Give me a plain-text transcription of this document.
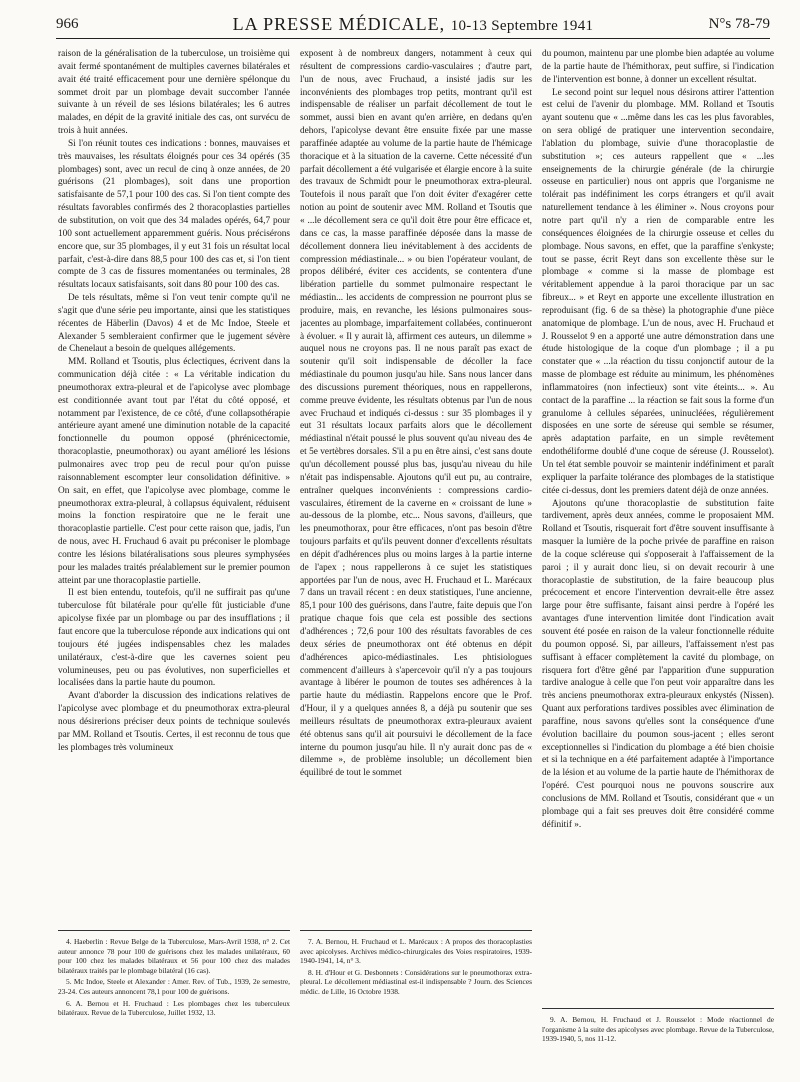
966	LA PRESSE MÉDICALE, 10-13 Septembre 1941	N°s 78-79

raison de la généralisation de la tuberculose, un troisième qui avait fermé spontanément de multiples cavernes bilatérales et avait été traité efficacement pour une dernière spélonque du sommet droit par un plombage devait succomber l'année suivante à un réveil de ses lésions bilatérales; les 6 autres malades, en dépit de la gravité initiale des cas, ont survécu de trois à huit années.

Si l'on réunit toutes ces indications : bonnes, mauvaises et très mauvaises, les résultats éloignés pour ces 34 opérés (35 plombages) sont, avec un recul de cinq à onze années, de 20 guérisons (21 plombages), soit dans une proportion satisfaisante de 57,1 pour 100 des cas. Si l'on tient compte des résultats favorables confirmés des 2 thoracoplasties partielles de substitution, on voit que des 34 malades opérés, 64,7 pour 100 sont actuellement apparemment guéris. Nous précisérons encore que, sur 35 plombages, il y eut 31 fois un résultat local parfait, c'est-à-dire dans 88,5 pour 100 des cas et, si l'on tient compte de 3 cas de fissures momentanées ou terminales, 28 résultats locaux satisfaisants, soit dans 80 pour 100 des cas.

De tels résultats, même si l'on veut tenir compte qu'il ne s'agit que d'une série peu importante, ainsi que les statistiques récentes de Häberlin (Davos) 4 et de Mc Indoe, Steele et Alexander 5 sembleraient confirmer que le jugement sévère de Chenelaut a besoin de quelques allégements.

MM. Rolland et Tsoutis, plus éclectiques, écrivent dans la communication déjà citée : « La véritable indication du pneumothorax extra-pleural et de l'apicolyse avec plombage est conditionnée avant tout par l'état du côté opposé, et notamment par l'existence, de ce côté, d'une collapsothérapie antérieure ayant amené une diminution notable de la capacité fonctionnelle du poumon opposé (phrénicectomie, thoracoplastie, pneumothorax) ou ayant amélioré les lésions pulmonaires avec trop peu de recul pour qu'on puisse raisonnablement escompter leur consolidation définitive. » On sait, en effet, que l'apicolyse avec plombage, comme le pneumothorax extra-pleural, à collapsus équivalent, réduisent moins la fonction respiratoire que ne le ferait une thoracoplastie partielle. C'est pour cette raison que, jadis, l'un de nous, avec H. Fruchaud 6 avait pu préconiser le plombage contre les lésions bilatéralisations sous pleures symphysées pour les malades traités préalablement sur le premier poumon atteint par une thoracoplastie partielle.

Il est bien entendu, toutefois, qu'il ne suffirait pas qu'une tuberculose fût bilatérale pour qu'elle fût justiciable d'une apicolyse fixée par un plombage ou par des insufflations ; il faut encore que la tuberculose réponde aux indications qui ont toujours été jugées indispensables chez les malades unilatéraux, c'est-à-dire que les cavernes soient peu volumineuses, peu ou pas évolutives, non superficielles et localisées dans la partie haute du poumon.

Avant d'aborder la discussion des indications relatives de l'apicolyse avec plombage et du pneumothorax extra-pleural nous désirerions préciser deux points de technique soulevés par MM. Rolland et Tsoutis. Certes, il est reconnu de tous que les plombages très volumineux

4. Haeberlin : Revue Belge de la Tuberculose, Mars-Avril 1938, n° 2. Cet auteur annonce 78 pour 100 de guérisons chez les malades unilatéraux, 60 pour 100 chez les malades bilatéraux et 56 pour 100 chez des malades bilatéraux traités par le plombage bilatéral (16 cas).

5. Mc Indoe, Steele et Alexander : Amer. Rev. of Tub., 1939, 2e semestre, 23-24. Ces auteurs annoncent 78,1 pour 100 de guérisons.

6. A. Bernou et H. Fruchaud : Les plombages chez les tuberculeux bilatéraux. Revue de la Tuberculose, Juillet 1932, 13.

exposent à de nombreux dangers, notamment à ceux qui résultent de compressions cardio-vasculaires ; d'autre part, l'un de nous, avec Fruchaud, a insisté jadis sur les inconvénients des plombages trop petits, montrant qu'il est indispensable de réaliser un parfait décollement de tout le sommet, aussi bien en avant qu'en arrière, en dedans qu'en dehors, l'apicolyse devant être ensuite fixée par une masse paraffinée adaptée au volume de la partie haute de l'hémicage thoracique et à la situation de la caverne. Cette nécessité d'un parfait décollement a été vulgarisée et élargie encore à la suite des travaux de Schmidt pour le pneumothorax extra-pleural. Toutefois il nous paraît que l'on doit éviter d'exagérer cette notion au point de soutenir avec MM. Rolland et Tsoutis que « ...le décollement sera ce qu'il doit être pour être efficace et, dans ce cas, la masse paraffinée déposée dans la masse de décollement donnera lieu inévitablement à des accidents de compression médiastinale... » ou bien l'opérateur voulant, de propos délibéré, éviter ces accidents, se contentera d'une libération partielle du sommet pulmonaire respectant le médiastin... les accidents de compression ne pourront plus se produire, mais, en revanche, les lésions pulmonaires sous-jacentes au plombage, imparfaitement collabées, continueront à évoluer. « Il y aurait là, affirment ces auteurs, un dilemme » auquel nous ne croyons pas. Il ne nous paraît pas exact de soutenir qu'il soit indispensable de décoller la face médiastinale du poumon jusqu'au hile. Sans nous lancer dans des discussions purement théoriques, nous en rappellerons, comme preuve évidente, les résultats obtenus par l'un de nous avec Fruchaud et indiqués ci-dessus : sur 35 plombages il y eut 31 résultats locaux parfaits alors que le décollement médiastinal n'était poussé le plus souvent qu'au niveau des 4e et 5e vertèbres dorsales. S'il a pu en être ainsi, c'est sans doute qu'un décollement poussé plus bas, jusqu'au niveau du hile n'était pas indispensable. Ajoutons qu'il eut pu, au contraire, entraîner quelques inconvénients : compressions cardio-vasculaires, étirement de la caverne en « croissant de lune » au-dessous de la plombe, etc... Nous savons, d'ailleurs, que les pneumothorax, pour être efficaces, n'ont pas besoin d'être toujours parfaits et qu'ils peuvent donner d'excellents résultats en dépit d'adhérences plus ou moins larges à la partie interne de l'apex ; nous rappellerons à ce sujet les statistiques apportées par l'un de nous, avec H. Fruchaud et L. Marécaux 7 dans un travail récent : en deux statistiques, l'une ancienne, 85,1 pour 100 des guérisons, dans l'autre, faite depuis que l'on pratique chaque fois que cela est possible des sections d'adhérences ; 72,6 pour 100 des résultats favorables de ces deux séries de pneumothorax ont été obtenus en dépit d'adhérences apico-médiastinales. Les phtisiologues commencent d'ailleurs à s'apercevoir qu'il n'y a pas toujours avantage à libérer le poumon de toutes ses adhérences à la partie haute du médiastin. Rappelons encore que le Prof. d'Hour, il y a quelques années 8, a déjà pu soutenir que ses meilleurs résultats de pneumothorax extra-pleuraux avaient été obtenus sans qu'il ait poursuivi le décollement de la face interne du poumon jusqu'au hile. Il n'y aurait donc pas de « dilemme », de problème insoluble; un décollement bien équilibré de tout le sommet

7. A. Bernou, H. Fruchaud et L. Marécaux : A propos des thoracoplasties avec apicolyses. Archives médico-chirurgicales des Voies respiratoires, 1939-1940-1941, 14, n° 3.

8. H. d'Hour et G. Desbonnets : Considérations sur le pneumothorax extra-pleural. Le décollement médiastinal est-il indispensable ? Journ. des Sciences médic. de Lille, 16 Octobre 1938.

du poumon, maintenu par une plombe bien adaptée au volume de la partie haute de l'hémithorax, peut suffire, si l'indication de l'intervention est bonne, à donner un excellent résultat.

Le second point sur lequel nous désirons attirer l'attention est celui de l'avenir du plombage. MM. Rolland et Tsoutis ayant soutenu que « ...même dans les cas les plus favorables, on sera obligé de pratiquer une intervention secondaire, l'ablation du plombage, suivie d'une thoracoplastie de substitution »; ces auteurs rappellent que « ...les enseignements de la chirurgie générale (de la chirurgie osseuse en particulier) nous ont appris que l'organisme ne tolérait pas indéfiniment les corps étrangers et qu'il avait naturellement tendance à les éliminer ». Nous croyons pour notre part qu'il n'y a rien de comparable entre les conséquences éloignées de la chirurgie osseuse et celles du plombage. Nous savons, en effet, que la paraffine s'enkyste; tout se passe, écrit Reyt dans son excellente thèse sur le plombage « comme si la masse de plombage est véritablement appendue à la paroi thoracique par un sac fibreux... » et Reyt en apporte une excellente illustration en reproduisant (fig. 6 de sa thèse) la photographie d'une pièce anatomique de plombage. L'un de nous, avec H. Fruchaud et J. Rousselot 9 en a apporté une autre démonstration dans une étude histologique de la coque d'un plombage ; il a pu constater que « ...la réaction du tissu conjonctif autour de la masse de plombage est réduite au minimum, les phénomènes inflammatoires (non infectieux) sont vite éteints... ». Au contact de la paraffine ... la réaction se fait sous la forme d'un granulome à cellules séparées, uninucléées, régulièrement disposées en une sorte de séreuse qui semble se résumer, après adaptation parfaite, en un simple revêtement endothéliforme doublé d'une coque de séreuse (J. Rousselot). Un tel état semble pouvoir se maintenir indéfiniment et paraît expliquer la parfaite tolérance des plombages de la statistique citée ci-dessus, dont les premiers datent déjà de onze années.

Ajoutons qu'une thoracoplastie de substitution faite tardivement, après deux années, comme le proposaient MM. Rolland et Tsoutis, risquerait fort d'être souvent insuffisante à masquer la lumière de la poche privée de paraffine en raison de la coque scléreuse qui s'opposerait à l'affaissement de la paroi ; il y aurait donc lieu, si on devait recourir à une thoracoplastie de substitution, de la faire beaucoup plus précocement et encore l'intervention devrait-elle être assez large pour être suffisante, faisant ainsi perdre à l'opéré les avantages d'une intervention limitée dont l'indication avait souvent été posée en raison de la valeur fonctionnelle réduite du poumon opposé. Si, par ailleurs, l'affaissement n'est pas suffisant à effacer complètement la cavité du plombage, on risquera fort d'être gêné par l'apparition d'une suppuration tardive analogue à celle que l'on peut voir apparaître dans les très anciens pneumothorax extra-pleuraux enkystés (Nissen). Quant aux perforations tardives possibles avec élimination de paraffine, nous savons qu'elles sont la conséquence d'une évolution bacillaire du poumon sous-jacent ; elles seront exceptionnelles si l'indication du plombage a été bien choisie et si la technique en a été parfaitement adaptée à l'importance de la lésion et au volume de la partie haute de l'hémithorax de l'opéré. C'est pourquoi nous ne pouvons souscrire aux conclusions de MM. Rolland et Tsoutis, considérant que « un plombage qui a fait ses preuves doit être considéré comme définitif ».

9. A. Bernou, H. Fruchaud et J. Rousselot : Mode réactionnel de l'organisme à la suite des apicolyses avec plombage. Revue de la Tuberculose, 1939-1940, 5, nos 11-12.
